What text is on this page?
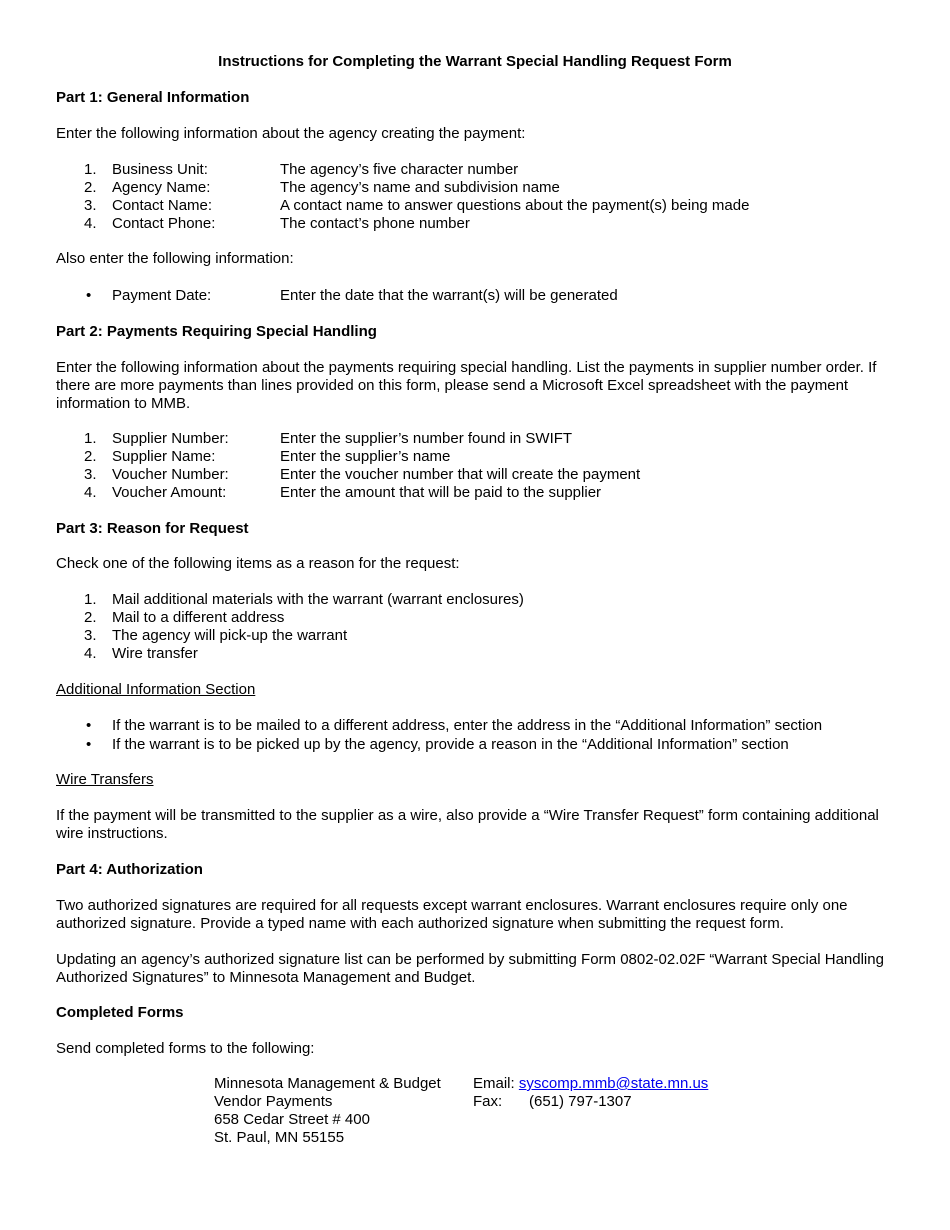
Instructions for Completing the Warrant Special Handling Request Form
Part 1: General Information
Enter the following information about the agency creating the payment:
1.	Business Unit:	The agency’s five character number
2.	Agency Name:	The agency’s name and subdivision name
3.	Contact Name:	A contact name to answer questions about the payment(s) being made
4.	Contact Phone:	The contact’s phone number
Also enter the following information:
• Payment Date:	Enter the date that the warrant(s) will be generated
Part 2: Payments Requiring Special Handling
Enter the following information about the payments requiring special handling. List the payments in supplier number order. If there are more payments than lines provided on this form, please send a Microsoft Excel spreadsheet with the payment information to MMB.
1.	Supplier Number:	Enter the supplier’s number found in SWIFT
2.	Supplier Name:	Enter the supplier’s name
3.	Voucher Number:	Enter the voucher number that will create the payment
4.	Voucher Amount:	Enter the amount that will be paid to the supplier
Part 3: Reason for Request
Check one of the following items as a reason for the request:
1.	Mail additional materials with the warrant (warrant enclosures)
2.	Mail to a different address
3.	The agency will pick-up the warrant
4.	Wire transfer
Additional Information Section
• If the warrant is to be mailed to a different address, enter the address in the “Additional Information” section
• If the warrant is to be picked up by the agency, provide a reason in the “Additional Information” section
Wire Transfers
If the payment will be transmitted to the supplier as a wire, also provide a “Wire Transfer Request” form containing additional wire instructions.
Part 4: Authorization
Two authorized signatures are required for all requests except warrant enclosures. Warrant enclosures require only one authorized signature. Provide a typed name with each authorized signature when submitting the request form.
Updating an agency’s authorized signature list can be performed by submitting Form 0802-02.02F “Warrant Special Handling Authorized Signatures” to Minnesota Management and Budget.
Completed Forms
Send completed forms to the following:
Minnesota Management & Budget
Vendor Payments
658 Cedar Street # 400
St. Paul, MN 55155
Email: syscomp.mmb@state.mn.us
Fax: (651) 797-1307
